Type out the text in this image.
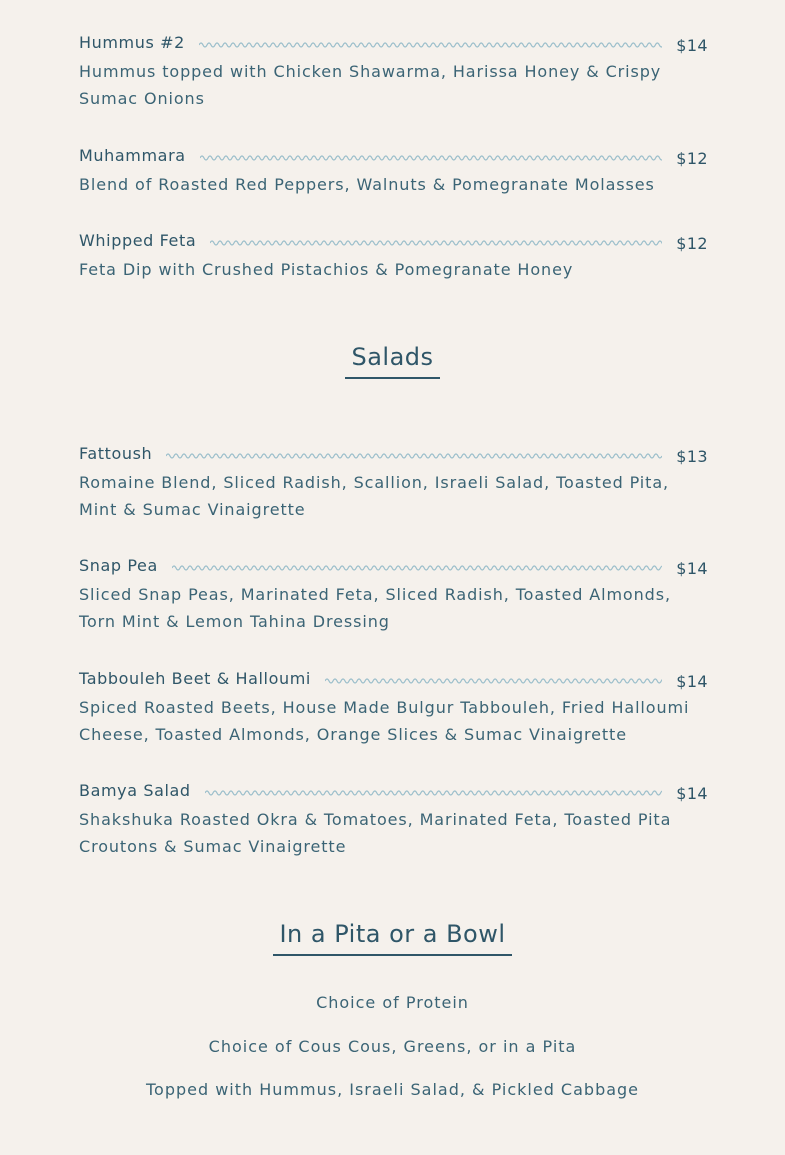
Hummus #2	$14
Hummus topped with Chicken Shawarma, Harissa Honey & Crispy Sumac Onions
Muhammara	$12
Blend of Roasted Red Peppers, Walnuts & Pomegranate Molasses
Whipped Feta	$12
Feta Dip with Crushed Pistachios & Pomegranate Honey
Salads
Fattoush	$13
Romaine Blend, Sliced Radish, Scallion, Israeli Salad, Toasted Pita, Mint & Sumac Vinaigrette
Snap Pea	$14
Sliced Snap Peas, Marinated Feta, Sliced Radish, Toasted Almonds, Torn Mint & Lemon Tahina Dressing
Tabbouleh Beet & Halloumi	$14
Spiced Roasted Beets, House Made Bulgur Tabbouleh, Fried Halloumi Cheese, Toasted Almonds, Orange Slices & Sumac Vinaigrette
Bamya Salad	$14
Shakshuka Roasted Okra & Tomatoes, Marinated Feta, Toasted Pita Croutons & Sumac Vinaigrette
In a Pita or a Bowl
Choice of Protein
Choice of Cous Cous, Greens, or in a Pita
Topped with Hummus, Israeli Salad, & Pickled Cabbage
